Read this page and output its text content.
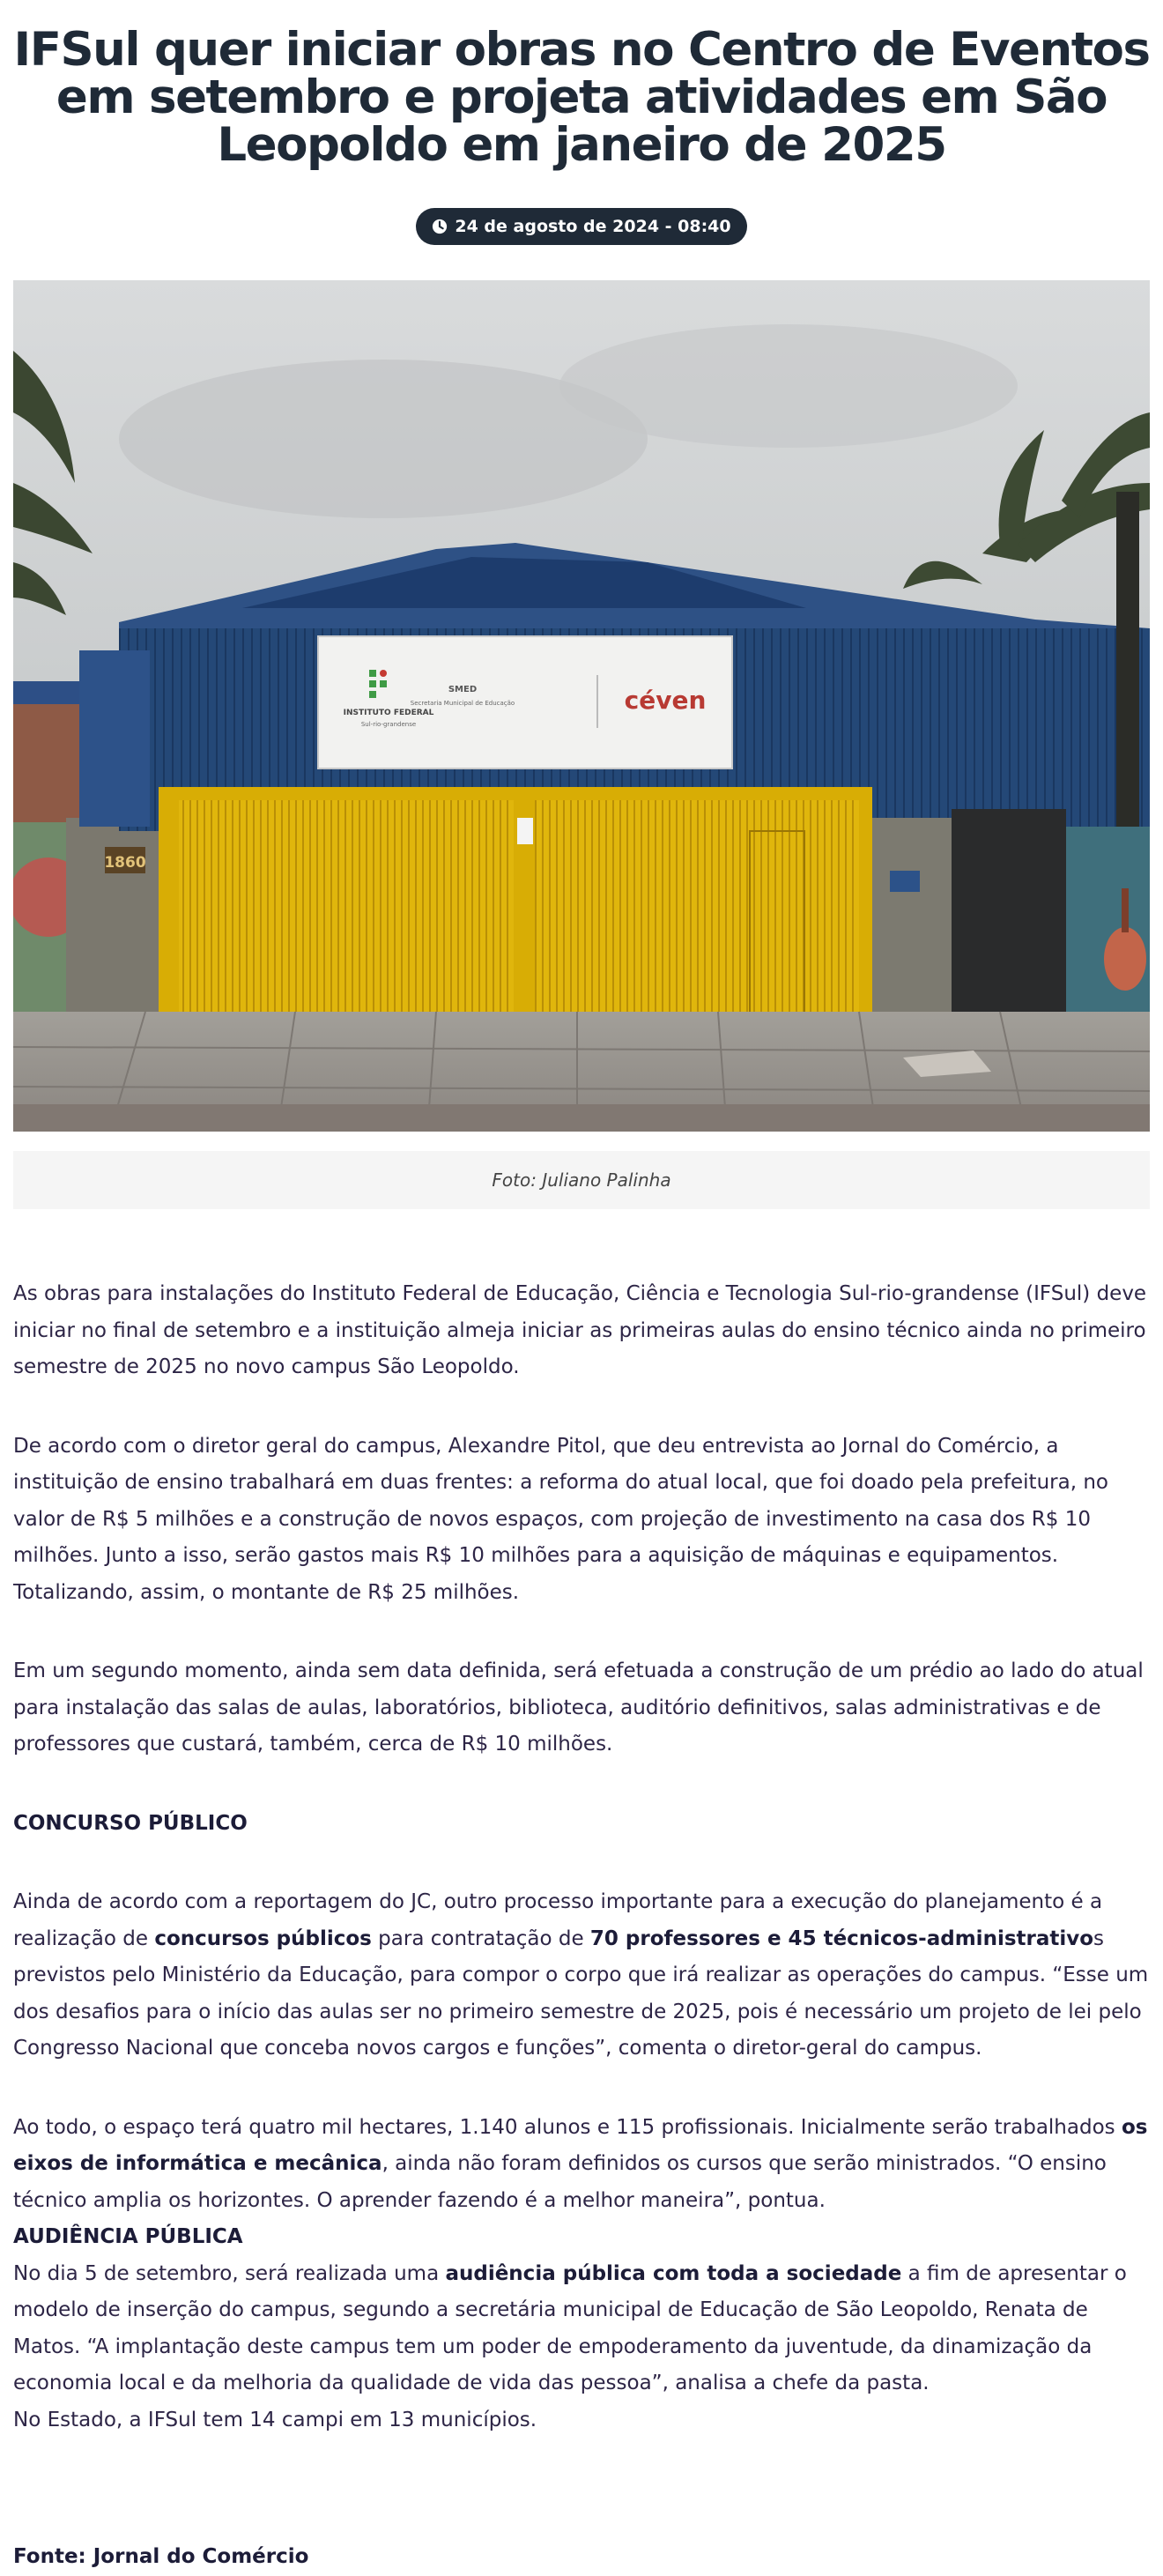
IFSul quer iniciar obras no Centro de Eventos em setembro e projeta atividades em São Leopoldo em janeiro de 2025
24 de agosto de 2024 - 08:40
1860
INSTITUTO FEDERAL
Sul-rio-grandense
SMED
Secretaria Municipal de Educação	céven
Foto: Juliano Palinha

As obras para instalações do Instituto Federal de Educação, Ciência e Tecnologia Sul-rio-grandense (IFSul) deve iniciar no final de setembro e a instituição almeja iniciar as primeiras aulas do ensino técnico ainda no primeiro semestre de 2025 no novo campus São Leopoldo.

De acordo com o diretor geral do campus, Alexandre Pitol, que deu entrevista ao Jornal do Comércio, a instituição de ensino trabalhará em duas frentes: a reforma do atual local, que foi doado pela prefeitura, no valor de R$ 5 milhões e a construção de novos espaços, com projeção de investimento na casa dos R$ 10 milhões. Junto a isso, serão gastos mais R$ 10 milhões para a aquisição de máquinas e equipamentos. Totalizando, assim, o montante de R$ 25 milhões.

Em um segundo momento, ainda sem data definida, será efetuada a construção de um prédio ao lado do atual para instalação das salas de aulas, laboratórios, biblioteca, auditório definitivos, salas administrativas e de professores que custará, também, cerca de R$ 10 milhões.

CONCURSO PÚBLICO

Ainda de acordo com a reportagem do JC, outro processo importante para a execução do planejamento é a realização de concursos públicos para contratação de 70 professores e 45 técnicos-administrativos previstos pelo Ministério da Educação, para compor o corpo que irá realizar as operações do campus. “Esse um dos desafios para o início das aulas ser no primeiro semestre de 2025, pois é necessário um projeto de lei pelo Congresso Nacional que conceba novos cargos e funções”, comenta o diretor-geral do campus.

Ao todo, o espaço terá quatro mil hectares, 1.140 alunos e 115 profissionais. Inicialmente serão trabalhados os eixos de informática e mecânica, ainda não foram definidos os cursos que serão ministrados. “O ensino técnico amplia os horizontes. O aprender fazendo é a melhor maneira”, pontua.

AUDIÊNCIA PÚBLICA

No dia 5 de setembro, será realizada uma audiência pública com toda a sociedade a fim de apresentar o modelo de inserção do campus, segundo a secretária municipal de Educação de São Leopoldo, Renata de Matos. “A implantação deste campus tem um poder de empoderamento da juventude, da dinamização da economia local e da melhoria da qualidade de vida das pessoa”, analisa a chefe da pasta.

No Estado, a IFSul tem 14 campi em 13 municípios.

Fonte: Jornal do Comércio
